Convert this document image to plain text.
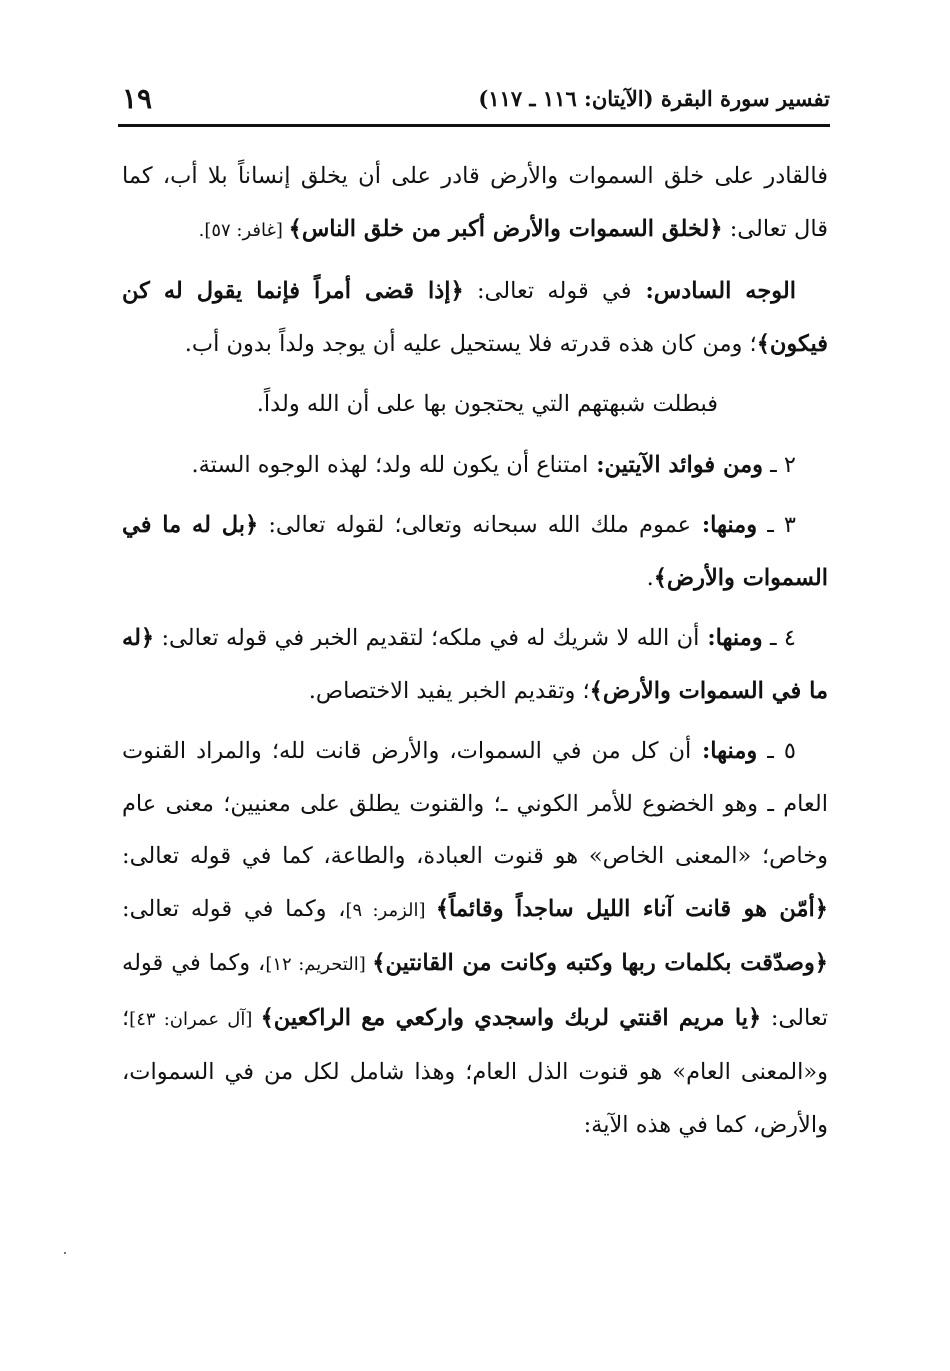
تفسير سورة البقرة (الآيتان: ١١٦ ـ ١١٧)
١٩

فالقادر على خلق السموات والأرض قادر على أن يخلق إنساناً بلا أب، كما قال تعالى: ﴿لخلق السموات والأرض أكبر من خلق الناس﴾ [غافر: ٥٧].

الوجه السادس: في قوله تعالى: ﴿إذا قضى أمراً فإنما يقول له كن فيكون﴾؛ ومن كان هذه قدرته فلا يستحيل عليه أن يوجد ولداً بدون أب.

فبطلت شبهتهم التي يحتجون بها على أن الله ولداً.

٢ ـ ومن فوائد الآيتين: امتناع أن يكون لله ولد؛ لهذه الوجوه الستة.

٣ ـ ومنها: عموم ملك الله سبحانه وتعالى؛ لقوله تعالى: ﴿بل له ما في السموات والأرض﴾.

٤ ـ ومنها: أن الله لا شريك له في ملكه؛ لتقديم الخبر في قوله تعالى: ﴿له ما في السموات والأرض﴾؛ وتقديم الخبر يفيد الاختصاص.

٥ ـ ومنها: أن كل من في السموات، والأرض قانت لله؛ والمراد القنوت العام ـ وهو الخضوع للأمر الكوني ـ؛ والقنوت يطلق على معنيين؛ معنى عام وخاص؛ «المعنى الخاص» هو قنوت العبادة، والطاعة، كما في قوله تعالى: ﴿أمّن هو قانت آناء الليل ساجداً وقائماً﴾ [الزمر: ٩]، وكما في قوله تعالى: ﴿وصدّقت بكلمات ربها وكتبه وكانت من القانتين﴾ [التحريم: ١٢]، وكما في قوله تعالى: ﴿يا مريم اقنتي لربك واسجدي واركعي مع الراكعين﴾ [آل عمران: ٤٣]؛ و«المعنى العام» هو قنوت الذل العام؛ وهذا شامل لكل من في السموات، والأرض، كما في هذه الآية:
